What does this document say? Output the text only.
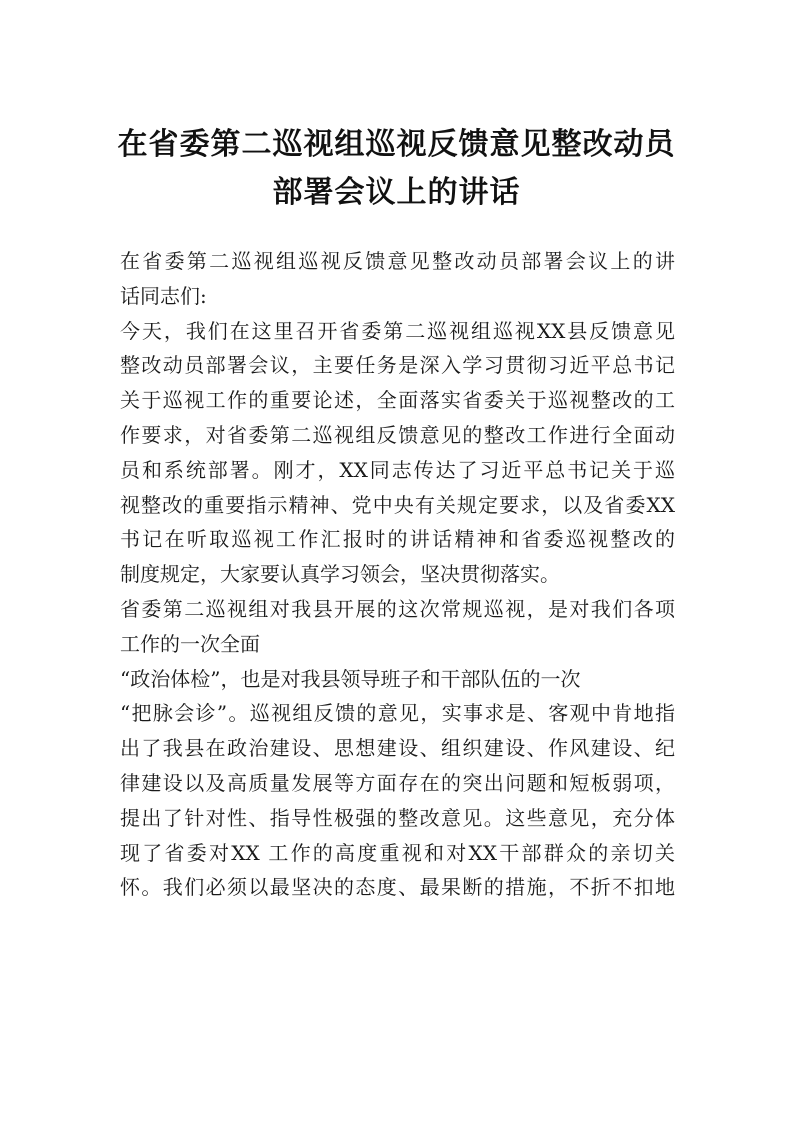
在省委第二巡视组巡视反馈意见整改动员
部署会议上的讲话
在省委第二巡视组巡视反馈意见整改动员部署会议上的讲
话同志们:
今天，我们在这里召开省委第二巡视组巡视XX县反馈意见
整改动员部署会议，主要任务是深入学习贯彻习近平总书记
关于巡视工作的重要论述，全面落实省委关于巡视整改的工
作要求，对省委第二巡视组反馈意见的整改工作进行全面动
员和系统部署。刚才，XX同志传达了习近平总书记关于巡
视整改的重要指示精神、党中央有关规定要求，以及省委XX
书记在听取巡视工作汇报时的讲话精神和省委巡视整改的
制度规定，大家要认真学习领会，坚决贯彻落实。
省委第二巡视组对我县开展的这次常规巡视，是对我们各项
工作的一次全面
“政治体检”，也是对我县领导班子和干部队伍的一次
“把脉会诊”。巡视组反馈的意见，实事求是、客观中肯地指
出了我县在政治建设、思想建设、组织建设、作风建设、纪
律建设以及高质量发展等方面存在的突出问题和短板弱项，
提出了针对性、指导性极强的整改意见。这些意见，充分体
现了省委对XX 工作的高度重视和对XX干部群众的亲切关
怀。我们必须以最坚决的态度、最果断的措施，不折不扣地
